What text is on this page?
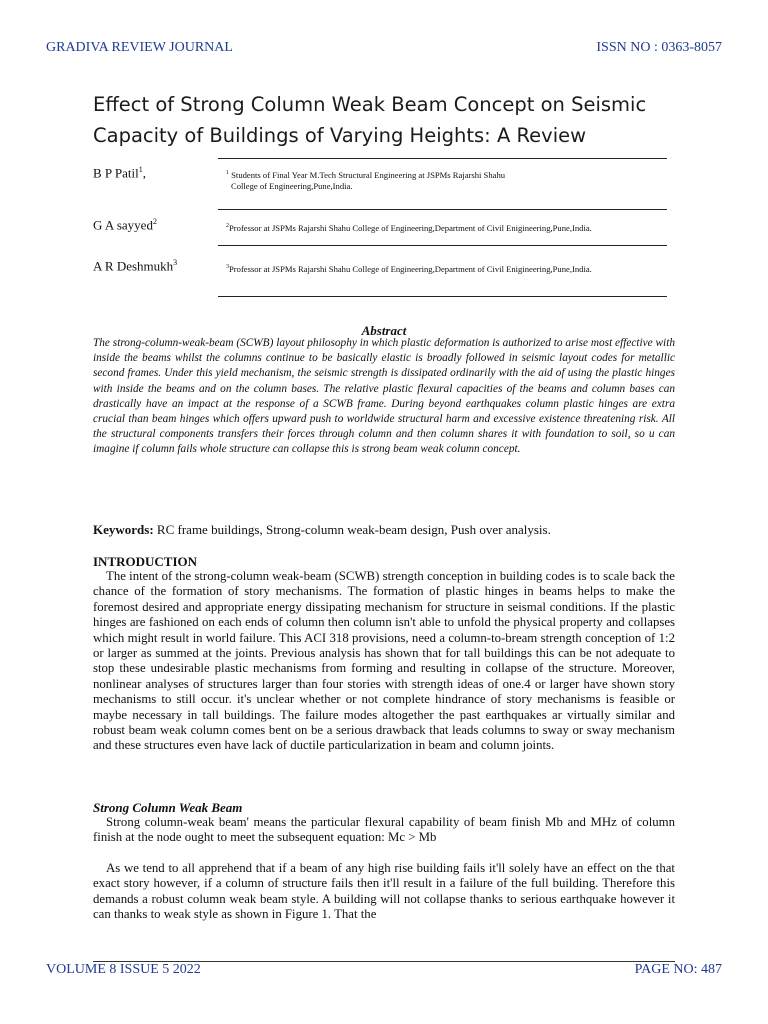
GRADIVA REVIEW JOURNAL	ISSN NO : 0363-8057
Effect of Strong Column Weak Beam Concept on Seismic
Capacity of Buildings of Varying Heights: A Review
B P Patil$^1$,	$^1$ Students of Final Year M.Tech Structural Engineering at JSPMs Rajarshi Shahu
College of Engineering,Pune,India.
G A sayyed$^2$	$^2$Professor at JSPMs Rajarshi Shahu College of Engineering,Department of Civil Enigineering,Pune,India.
A R Deshmukh$^3$	$^3$Professor at JSPMs Rajarshi Shahu College of Engineering,Department of Civil Enigineering,Pune,India.
Abstract

The strong-column-weak-beam (SCWB) layout philosophy in which plastic deformation is authorized to arise most effective with inside the beams whilst the columns continue to be basically elastic is broadly followed in seismic layout codes for metallic second frames. Under this yield mechanism, the seismic strength is dissipated ordinarily with the aid of using the plastic hinges with inside the beams and on the column bases. The relative plastic flexural capacities of the beams and column bases can drastically have an impact at the response of a SCWB frame. During beyond earthquakes column plastic hinges are extra crucial than beam hinges which offers upward push to worldwide structural harm and excessive existence threatening risk. All the structural components transfers their forces through column and then column shares it with foundation to soil, so u can imagine if column fails whole structure can collapse this is strong beam weak column concept.

Keywords: RC frame buildings, Strong-column weak-beam design, Push over analysis.
INTRODUCTION

The intent of the strong-column weak-beam (SCWB) strength conception in building codes is to scale back the chance of the formation of story mechanisms. The formation of plastic hinges in beams helps to make the foremost desired and appropriate energy dissipating mechanism for structure in seismal conditions. If the plastic hinges are fashioned on each ends of column then column isn't able to unfold the physical property and collapses which might result in world failure. This ACI 318 provisions, need a column-to-bream strength conception of 1:2 or larger as summed at the joints. Previous analysis has shown that for tall buildings this can be not adequate to stop these undesirable plastic mechanisms from forming and resulting in collapse of the structure. Moreover, nonlinear analyses of structures larger than four stories with strength ideas of one.4 or larger have shown story mechanisms to still occur. it's unclear whether or not complete hindrance of story mechanisms is feasible or maybe necessary in tall buildings. The failure modes altogether the past earthquakes ar virtually similar and robust beam weak column comes bent on be a serious drawback that leads columns to sway or sway mechanism and these structures even have lack of ductile particularization in beam and column joints.

Strong Column Weak Beam

Strong column-weak beam' means the particular flexural capability of beam finish Mb and MHz of column finish at the node ought to meet the subsequent equation: Mc > Mb

As we tend to all apprehend that if a beam of any high rise building fails it'll solely have an effect on the that exact story however, if a column of structure fails then it'll result in a failure of the full building. Therefore this demands a robust column weak beam style. A building will not collapse thanks to serious earthquake however it can thanks to weak style as shown in Figure 1. That the

VOLUME 8 ISSUE 5 2022	PAGE NO: 487
